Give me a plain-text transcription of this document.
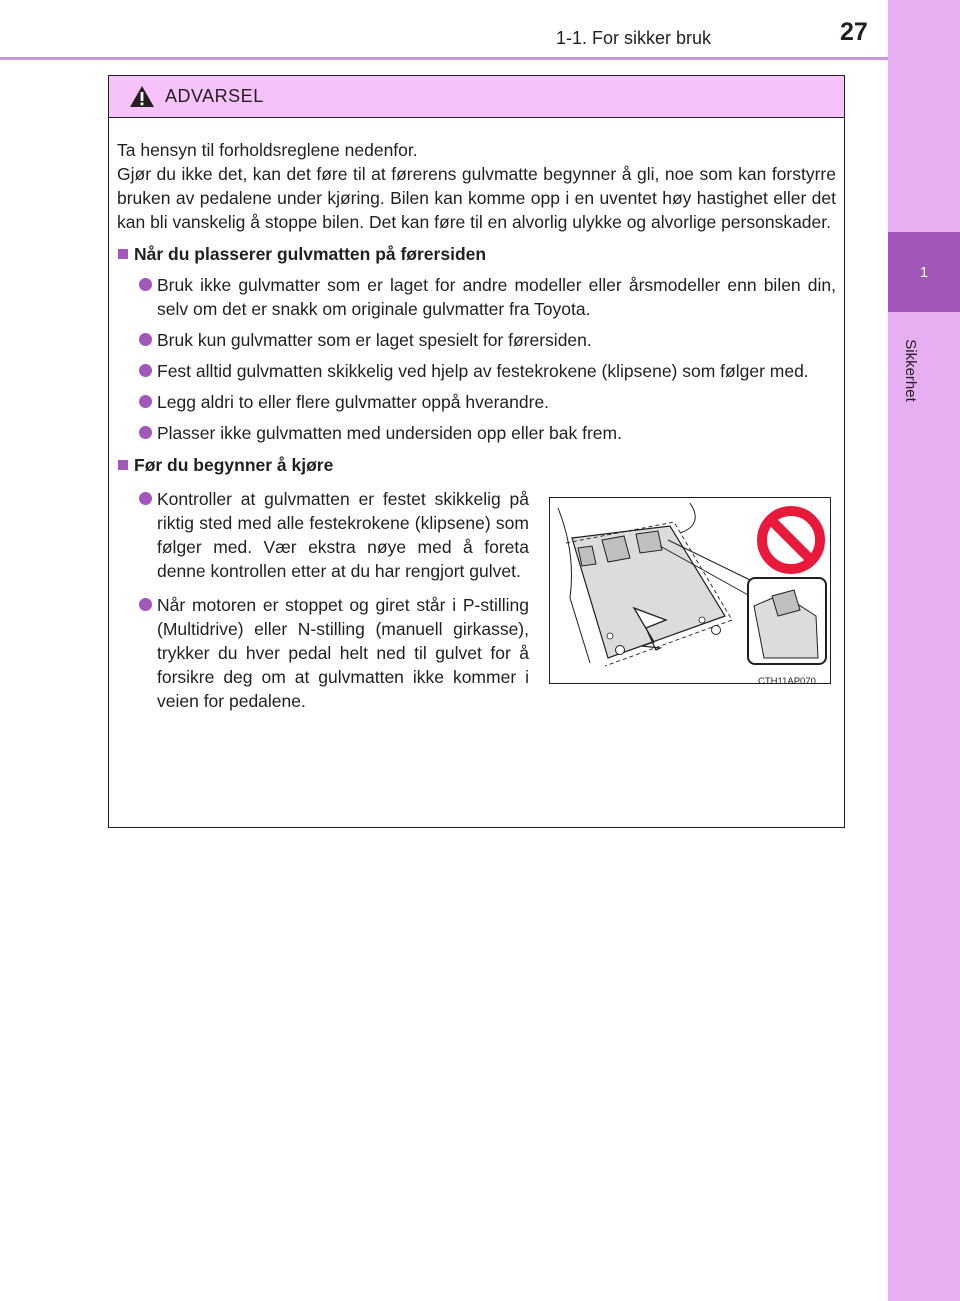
1
Sikkerhet
1-1. For sikker bruk	27
ADVARSEL

Ta hensyn til forholdsreglene nedenfor.

Gjør du ikke det, kan det føre til at førerens gulvmatte begynner å gli, noe som kan forstyrre bruken av pedalene under kjøring. Bilen kan komme opp i en uventet høy hastighet eller det kan bli vanskelig å stoppe bilen. Det kan føre til en alvorlig ulykke og alvorlige personskader.

Når du plasserer gulvmatten på førersiden
Bruk ikke gulvmatter som er laget for andre modeller eller årsmodeller enn bilen din, selv om det er snakk om originale gulvmatter fra Toyota.
Bruk kun gulvmatter som er laget spesielt for førersiden.
Fest alltid gulvmatten skikkelig ved hjelp av festekrokene (klipsene) som følger med.
Legg aldri to eller flere gulvmatter oppå hverandre.
Plasser ikke gulvmatten med undersiden opp eller bak frem.
Før du begynner å kjøre
Kontroller at gulvmatten er festet skikkelig på riktig sted med alle festekrokene (klipsene) som følger med. Vær ekstra nøye med å foreta denne kontrollen etter at du har rengjort gulvet.
Når motoren er stoppet og giret står i P-stilling (Multidrive) eller N-stilling (manuell girkasse), trykker du hver pedal helt ned til gulvet for å forsikre deg om at gulvmatten ikke kommer i veien for pedalene.
CTH11AP070
